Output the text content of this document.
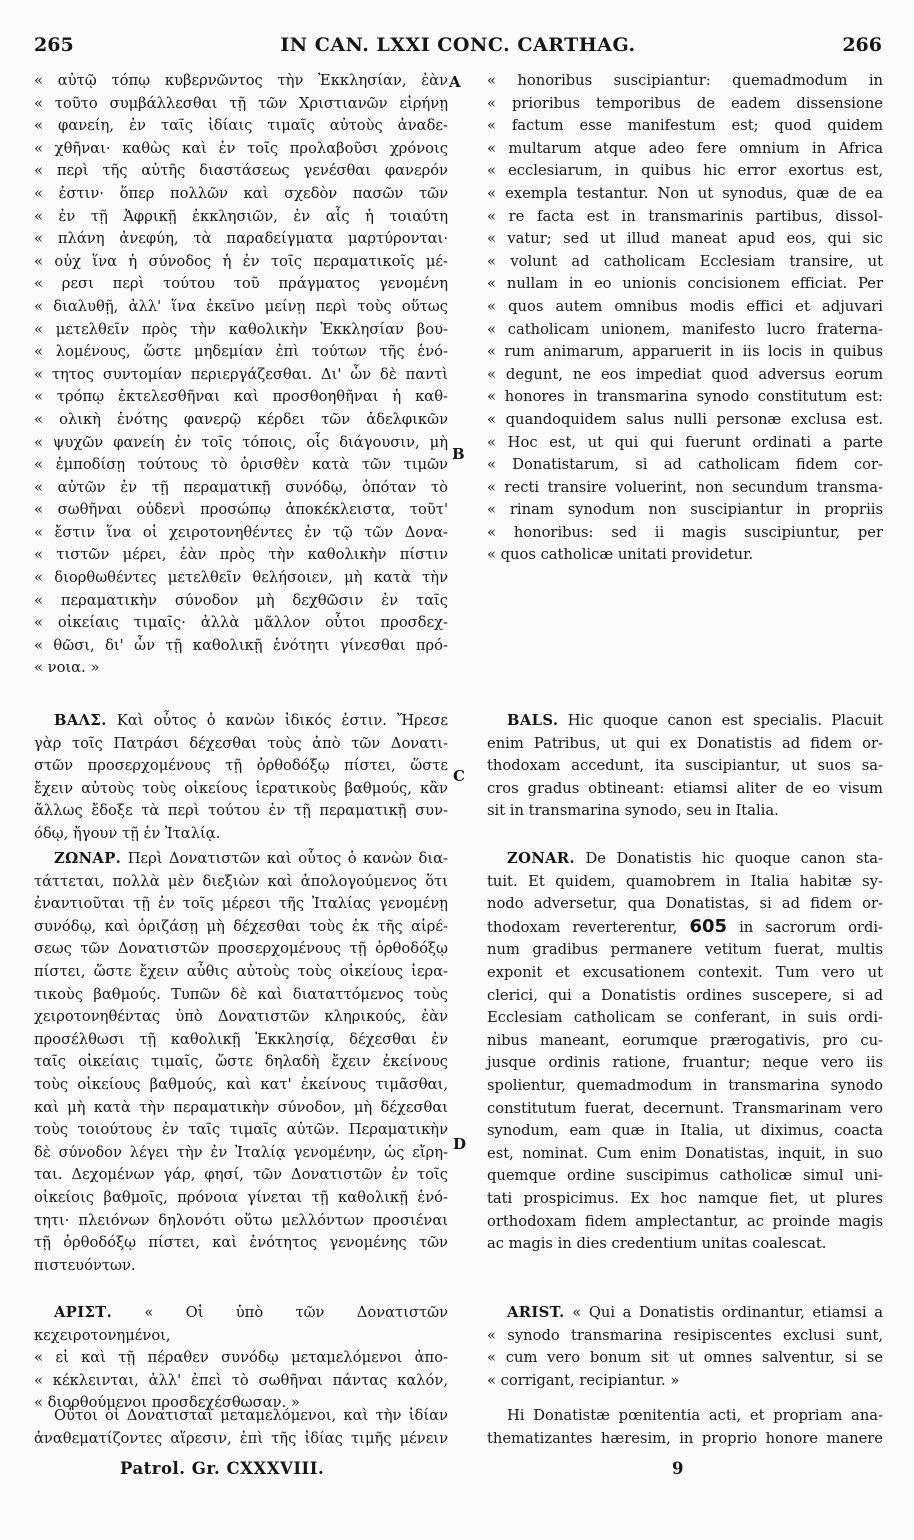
265	IN CAN. LXXI CONC. CARTHAG.	266
A
B
C
D

« αὐτῷ τόπῳ κυβερνῶντος τὴν Ἐκκλησίαν, ἐὰν

« τοῦτο συμβάλλεσθαι τῇ τῶν Χριστιανῶν εἰρήνῃ

« φανείη, ἐν ταῖς ἰδίαις τιμαῖς αὐτοὺς ἀναδε-

« χθῆναι· καθὼς καὶ ἐν τοῖς προλαβοῦσι χρόνοις

« περὶ τῆς αὐτῆς διαστάσεως γενέσθαι φανερόν

« ἐστιν· ὅπερ πολλῶν καὶ σχεδὸν πασῶν τῶν

« ἐν τῇ Ἀφρικῇ ἐκκλησιῶν, ἐν αἷς ἡ τοιαύτη

« πλάνη ἀνεφύη, τὰ παραδείγματα μαρτύρονται·

« οὐχ ἵνα ἡ σύνοδος ἡ ἐν τοῖς περαματικοῖς μέ-

« ρεσι περὶ τούτου τοῦ πράγματος γενομένη

« διαλυθῇ, ἀλλ' ἵνα ἐκεῖνο μείνῃ περὶ τοὺς οὕτως

« μετελθεῖν πρὸς τὴν καθολικὴν Ἐκκλησίαν βου-

« λομένους, ὥστε μηδεμίαν ἐπὶ τούτων τῆς ἑνό-

« τητος συντομίαν περιεργάζεσθαι. Δι' ὧν δὲ παντὶ

« τρόπῳ ἐκτελεσθῆναι καὶ προσθοηθῆναι ἡ καθ-

« ολικὴ ἑνότης φανερῷ κέρδει τῶν ἀδελφικῶν

« ψυχῶν φανείη ἐν τοῖς τόποις, οἷς διάγουσιν, μὴ

« ἐμποδίσῃ τούτους τὸ ὁρισθὲν κατὰ τῶν τιμῶν

« αὐτῶν ἐν τῇ περαματικῇ συνόδῳ, ὁπόταν τὸ

« σωθῆναι οὐδενὶ προσώπῳ ἀποκέκλειστα, τοῦτ'

« ἔστιν ἵνα οἱ χειροτονηθέντες ἐν τῷ τῶν Δονα-

« τιστῶν μέρει, ἐὰν πρὸς τὴν καθολικὴν πίστιν

« διορθωθέντες μετελθεῖν θελήσοιεν, μὴ κατὰ τὴν

« περαματικὴν σύνοδον μὴ δεχθῶσιν ἐν ταῖς

« οἰκείαις τιμαῖς· ἀλλὰ μᾶλλον οὗτοι προσδεχ-

« θῶσι, δι' ὧν τῇ καθολικῇ ἑνότητι γίνεσθαι πρό-

« νοια. »

ΒΑΛΣ. Καὶ οὗτος ὁ κανὼν ἰδικός ἐστιν. Ἤρεσε

γὰρ τοῖς Πατράσι δέχεσθαι τοὺς ἀπὸ τῶν Δονατι-

στῶν προσερχομένους τῇ ὀρθοδόξῳ πίστει, ὥστε

ἔχειν αὐτοὺς τοὺς οἰκείους ἱερατικοὺς βαθμούς, κἂν

ἄλλως ἔδοξε τὰ περὶ τούτου ἐν τῇ περαματικῇ συν-

όδῳ, ἤγουν τῇ ἐν Ἰταλίᾳ.

ΖΩΝΑΡ. Περὶ Δονατιστῶν καὶ οὗτος ὁ κανὼν δια-

τάττεται, πολλὰ μὲν διεξιὼν καὶ ἀπολογούμενος ὅτι

ἐναντιοῦται τῇ ἐν τοῖς μέρεσι τῆς Ἰταλίας γενομένῃ

συνόδῳ, καὶ ὁριζάσῃ μὴ δέχεσθαι τοὺς ἐκ τῆς αἱρέ-

σεως τῶν Δονατιστῶν προσερχομένους τῇ ὀρθοδόξῳ

πίστει, ὥστε ἔχειν αὖθις αὐτοὺς τοὺς οἰκείους ἱερα-

τικοὺς βαθμούς. Τυπῶν δὲ καὶ διαταττόμενος τοὺς

χειροτονηθέντας ὑπὸ Δονατιστῶν κληρικούς, ἐὰν

προσέλθωσι τῇ καθολικῇ Ἐκκλησίᾳ, δέχεσθαι ἐν

ταῖς οἰκείαις τιμαῖς, ὥστε δηλαδὴ ἔχειν ἐκείνους

τοὺς οἰκείους βαθμούς, καὶ κατ' ἐκείνους τιμᾶσθαι,

καὶ μὴ κατὰ τὴν περαματικὴν σύνοδον, μὴ δέχεσθαι

τοὺς τοιούτους ἐν ταῖς τιμαῖς αὐτῶν. Περαματικὴν

δὲ σύνοδον λέγει τὴν ἐν Ἰταλίᾳ γενομένην, ὡς εἴρη-

ται. Δεχομένων γάρ, φησί, τῶν Δονατιστῶν ἐν τοῖς

οἰκείοις βαθμοῖς, πρόνοια γίνεται τῇ καθολικῇ ἑνό-

τητι· πλειόνων δηλονότι οὕτω μελλόντων προσιέναι

τῇ ὀρθοδόξῳ πίστει, καὶ ἑνότητος γενομένης τῶν

πιστευόντων.

ΑΡΙΣΤ. « Οἱ ὑπὸ τῶν Δονατιστῶν κεχειροτονημένοι,

« εἰ καὶ τῇ πέραθεν συνόδῳ μεταμελόμενοι ἀπο-

« κέκλεινται, ἀλλ' ἐπεὶ τὸ σωθῆναι πάντας καλόν,

« διορθούμενοι προσδεχέσθωσαν. »

Οὗτοι οἱ Δονατισταὶ μεταμελόμενοι, καὶ τὴν ἰδίαν

ἀναθεματίζοντες αἵρεσιν, ἐπὶ τῆς ἰδίας τιμῆς μένειν

« honoribus suscipiantur: quemadmodum in

« prioribus temporibus de eadem dissensione

« factum esse manifestum est; quod quidem

« multarum atque adeo fere omnium in Africa

« ecclesiarum, in quibus hic error exortus est,

« exempla testantur. Non ut synodus, quæ de ea

« re facta est in transmarinis partibus, dissol-

« vatur; sed ut illud maneat apud eos, qui sic

« volunt ad catholicam Ecclesiam transire, ut

« nullam in eo unionis concisionem efficiat. Per

« quos autem omnibus modis effici et adjuvari

« catholicam unionem, manifesto lucro fraterna-

« rum animarum, apparuerit in iis locis in quibus

« degunt, ne eos impediat quod adversus eorum

« honores in transmarina synodo constitutum est:

« quandoquidem salus nulli personæ exclusa est.

« Hoc est, ut qui qui fuerunt ordinati a parte

« Donatistarum, si ad catholicam fidem cor-

« recti transire voluerint, non secundum transma-

« rinam synodum non suscipiantur in propriis

« honoribus: sed ii magis suscipiuntur, per

« quos catholicæ unitati providetur.

BALS. Hic quoque canon est specialis. Placuit

enim Patribus, ut qui ex Donatistis ad fidem or-

thodoxam accedunt, ita suscipiantur, ut suos sa-

cros gradus obtineant: etiamsi aliter de eo visum

sit in transmarina synodo, seu in Italia.

ZONAR. De Donatistis hic quoque canon sta-

tuit. Et quidem, quamobrem in Italia habitæ sy-

nodo adversetur, qua Donatistas, si ad fidem or-

thodoxam reverterentur, 605 in sacrorum ordi-

num gradibus permanere vetitum fuerat, multis

exponit et excusationem contexit. Tum vero ut

clerici, qui a Donatistis ordines suscepere, si ad

Ecclesiam catholicam se conferant, in suis ordi-

nibus maneant, eorumque prærogativis, pro cu-

jusque ordinis ratione, fruantur; neque vero iis

spolientur, quemadmodum in transmarina synodo

constitutum fuerat, decernunt. Transmarinam vero

synodum, eam quæ in Italia, ut diximus, coacta

est, nominat. Cum enim Donatistas, inquit, in suo

quemque ordine suscipimus catholicæ simul uni-

tati prospicimus. Ex hoc namque fiet, ut plures

orthodoxam fidem amplectantur, ac proinde magis

ac magis in dies credentium unitas coalescat.

ARIST. « Qui a Donatistis ordinantur, etiamsi a

« synodo transmarina resipiscentes exclusi sunt,

« cum vero bonum sit ut omnes salventur, si se

« corrigant, recipiantur. »

Hi Donatistæ pœnitentia acti, et propriam ana-

thematizantes hæresim, in proprio honore manere

Patrol. Gr. CXXXVIII.	9
